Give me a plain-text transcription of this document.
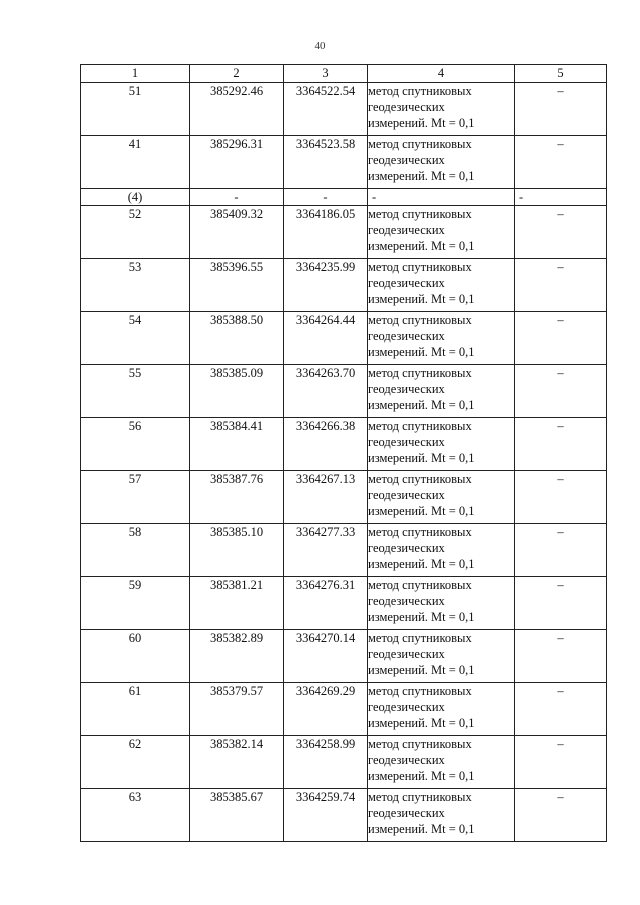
40
1	2	3	4	5
51	385292.46	3364522.54	метод спутниковых
геодезических
измерений. Mt = 0,1	–
41	385296.31	3364523.58	метод спутниковых
геодезических
измерений. Mt = 0,1	–
(4)	-	-	-	-
52	385409.32	3364186.05	метод спутниковых
геодезических
измерений. Mt = 0,1	–
53	385396.55	3364235.99	метод спутниковых
геодезических
измерений. Mt = 0,1	–
54	385388.50	3364264.44	метод спутниковых
геодезических
измерений. Mt = 0,1	–
55	385385.09	3364263.70	метод спутниковых
геодезических
измерений. Mt = 0,1	–
56	385384.41	3364266.38	метод спутниковых
геодезических
измерений. Mt = 0,1	–
57	385387.76	3364267.13	метод спутниковых
геодезических
измерений. Mt = 0,1	–
58	385385.10	3364277.33	метод спутниковых
геодезических
измерений. Mt = 0,1	–
59	385381.21	3364276.31	метод спутниковых
геодезических
измерений. Mt = 0,1	–
60	385382.89	3364270.14	метод спутниковых
геодезических
измерений. Mt = 0,1	–
61	385379.57	3364269.29	метод спутниковых
геодезических
измерений. Mt = 0,1	–
62	385382.14	3364258.99	метод спутниковых
геодезических
измерений. Mt = 0,1	–
63	385385.67	3364259.74	метод спутниковых
геодезических
измерений. Mt = 0,1	–
